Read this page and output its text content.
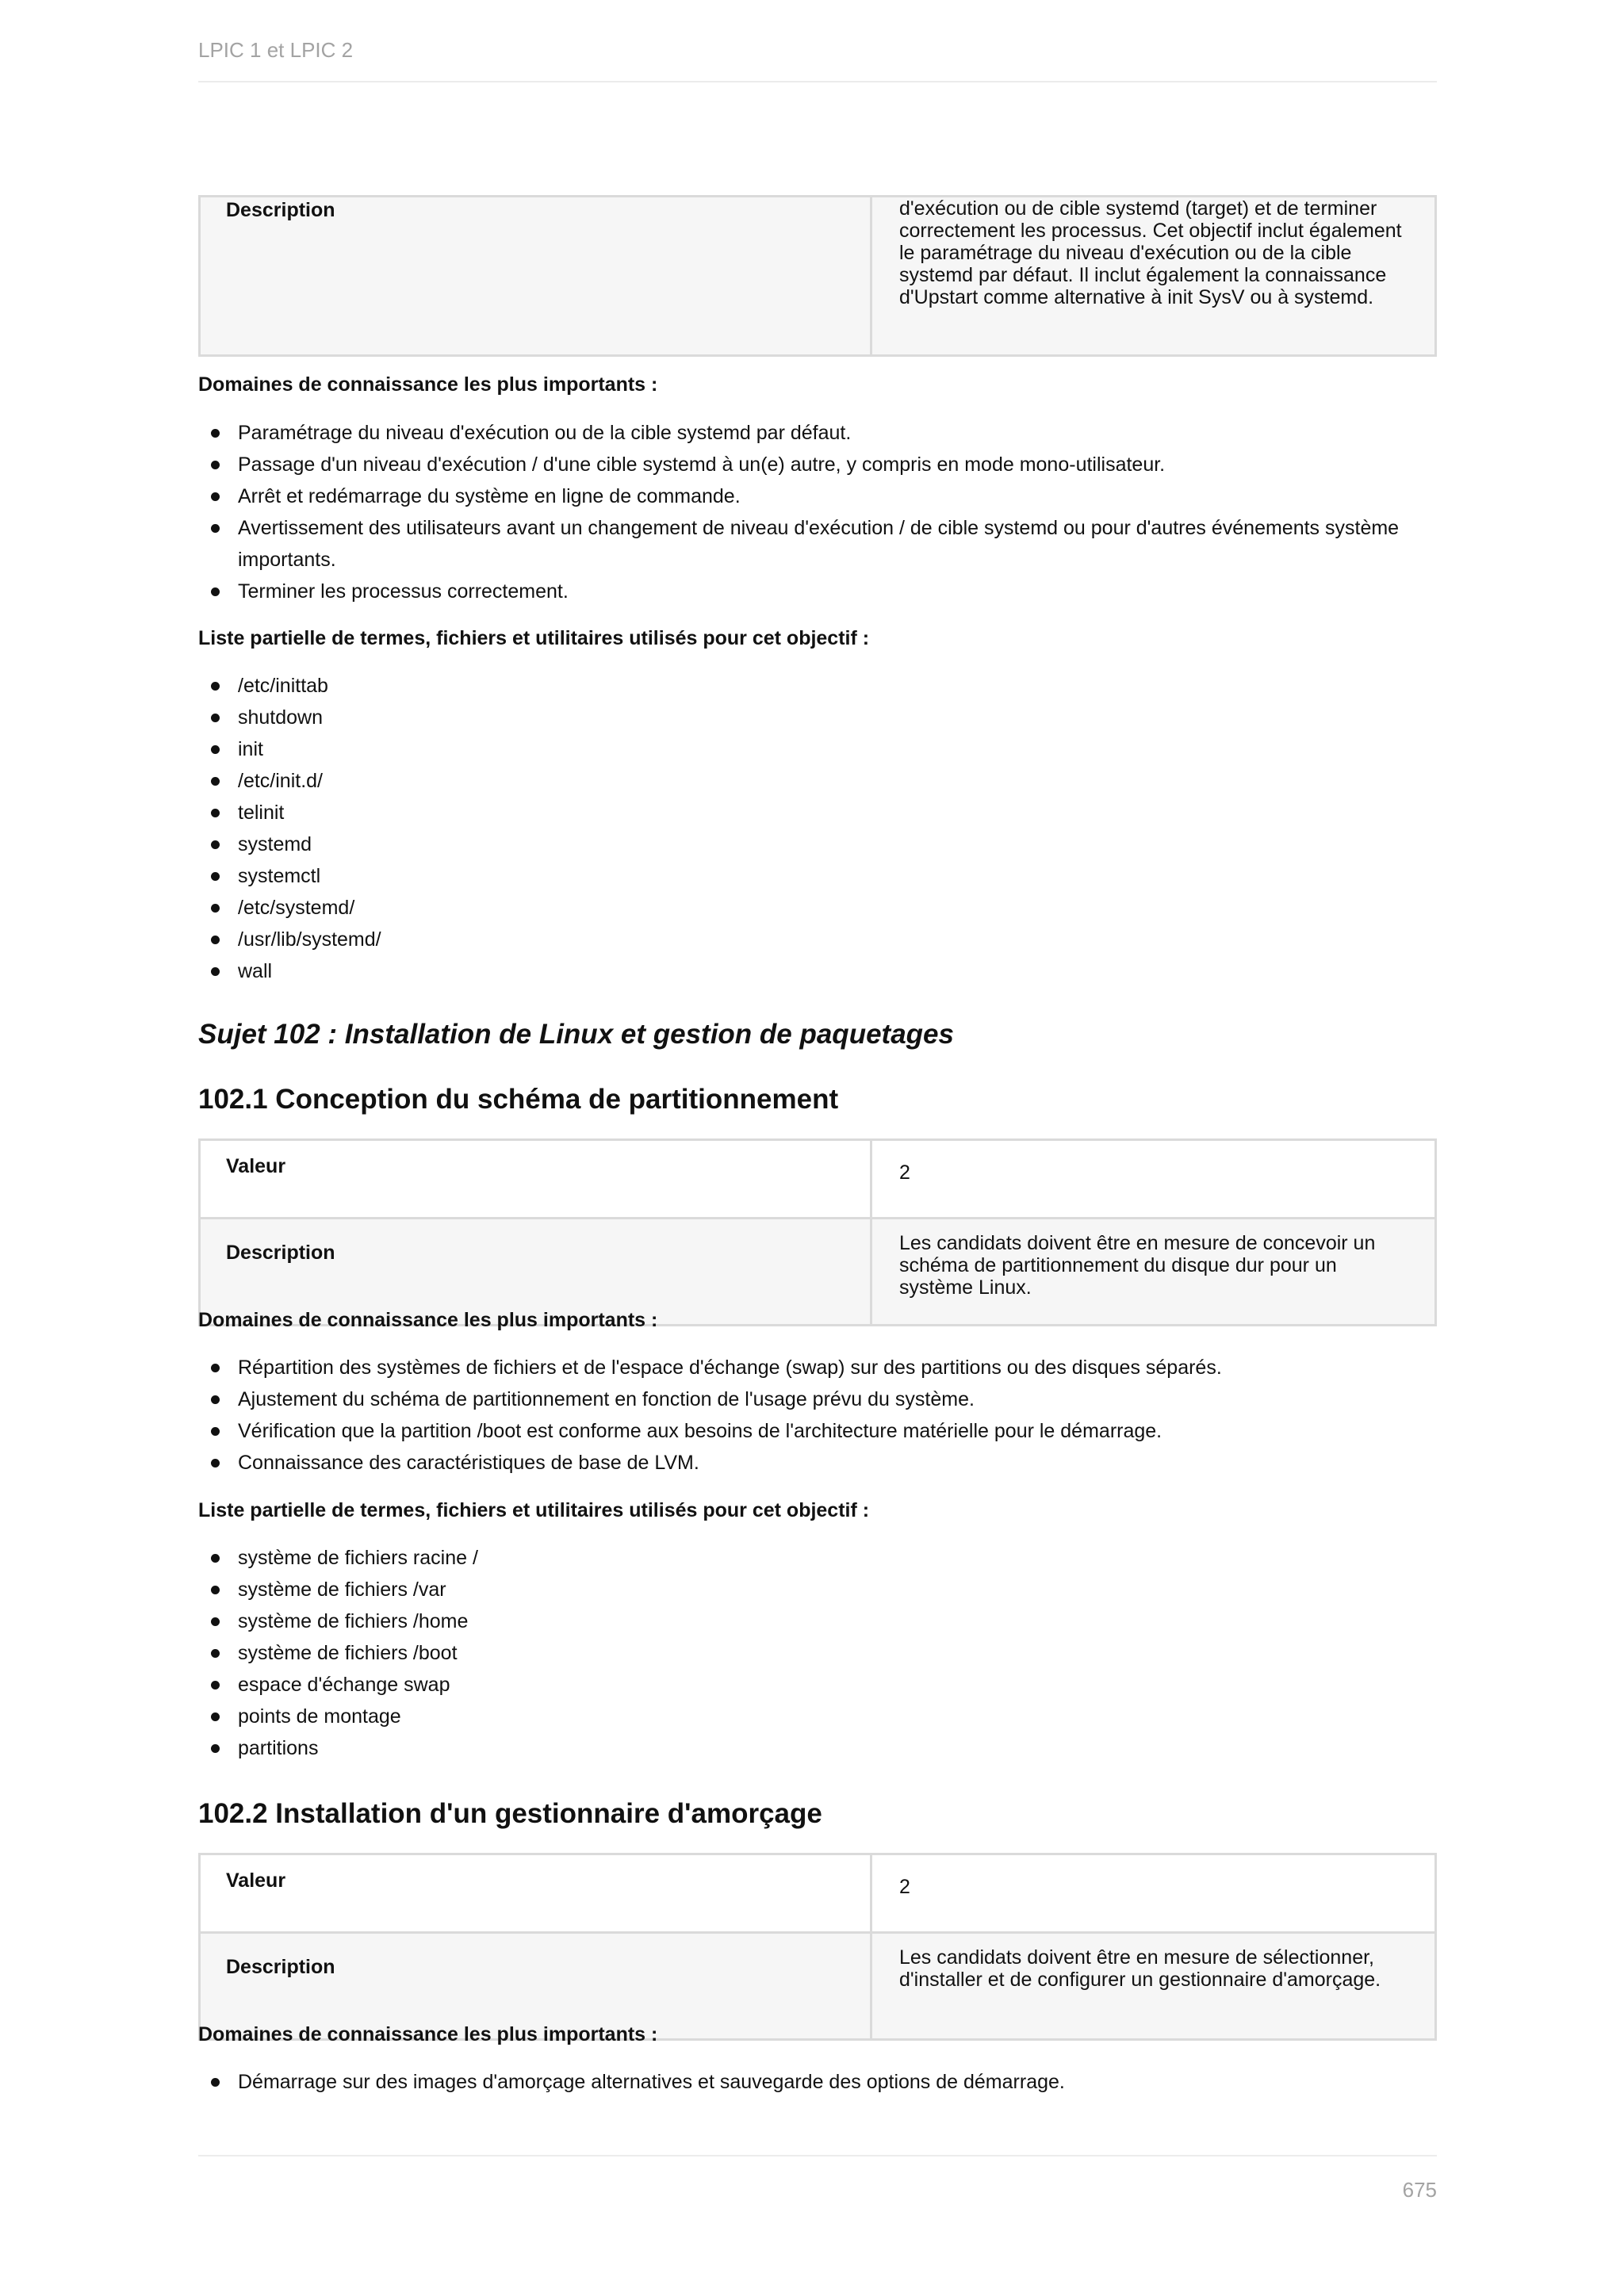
LPIC 1 et LPIC 2
Description	d'exécution ou de cible systemd (target) et de terminer correctement les processus. Cet objectif inclut également le paramétrage du niveau d'exécution ou de la cible systemd par défaut. Il inclut également la connaissance d'Upstart comme alternative à init SysV ou à systemd.
Domaines de connaissance les plus importants :
Paramétrage du niveau d'exécution ou de la cible systemd par défaut.
Passage d'un niveau d'exécution / d'une cible systemd à un(e) autre, y compris en mode mono-utilisateur.
Arrêt et redémarrage du système en ligne de commande.
Avertissement des utilisateurs avant un changement de niveau d'exécution / de cible systemd ou pour d'autres événements système importants.
Terminer les processus correctement.
Liste partielle de termes, fichiers et utilitaires utilisés pour cet objectif :
/etc/inittab
shutdown
init
/etc/init.d/
telinit
systemd
systemctl
/etc/systemd/
/usr/lib/systemd/
wall
Sujet 102 : Installation de Linux et gestion de paquetages
102.1 Conception du schéma de partitionnement
Valeur	2
Description	Les candidats doivent être en mesure de concevoir un schéma de partitionnement du disque dur pour un système Linux.
Domaines de connaissance les plus importants :
Répartition des systèmes de fichiers et de l'espace d'échange (swap) sur des partitions ou des disques séparés.
Ajustement du schéma de partitionnement en fonction de l'usage prévu du système.
Vérification que la partition /boot est conforme aux besoins de l'architecture matérielle pour le démarrage.
Connaissance des caractéristiques de base de LVM.
Liste partielle de termes, fichiers et utilitaires utilisés pour cet objectif :
système de fichiers racine /
système de fichiers /var
système de fichiers /home
système de fichiers /boot
espace d'échange swap
points de montage
partitions
102.2 Installation d'un gestionnaire d'amorçage
Valeur	2
Description	Les candidats doivent être en mesure de sélectionner, d'installer et de configurer un gestionnaire d'amorçage.
Domaines de connaissance les plus importants :
Démarrage sur des images d'amorçage alternatives et sauvegarde des options de démarrage.
675
